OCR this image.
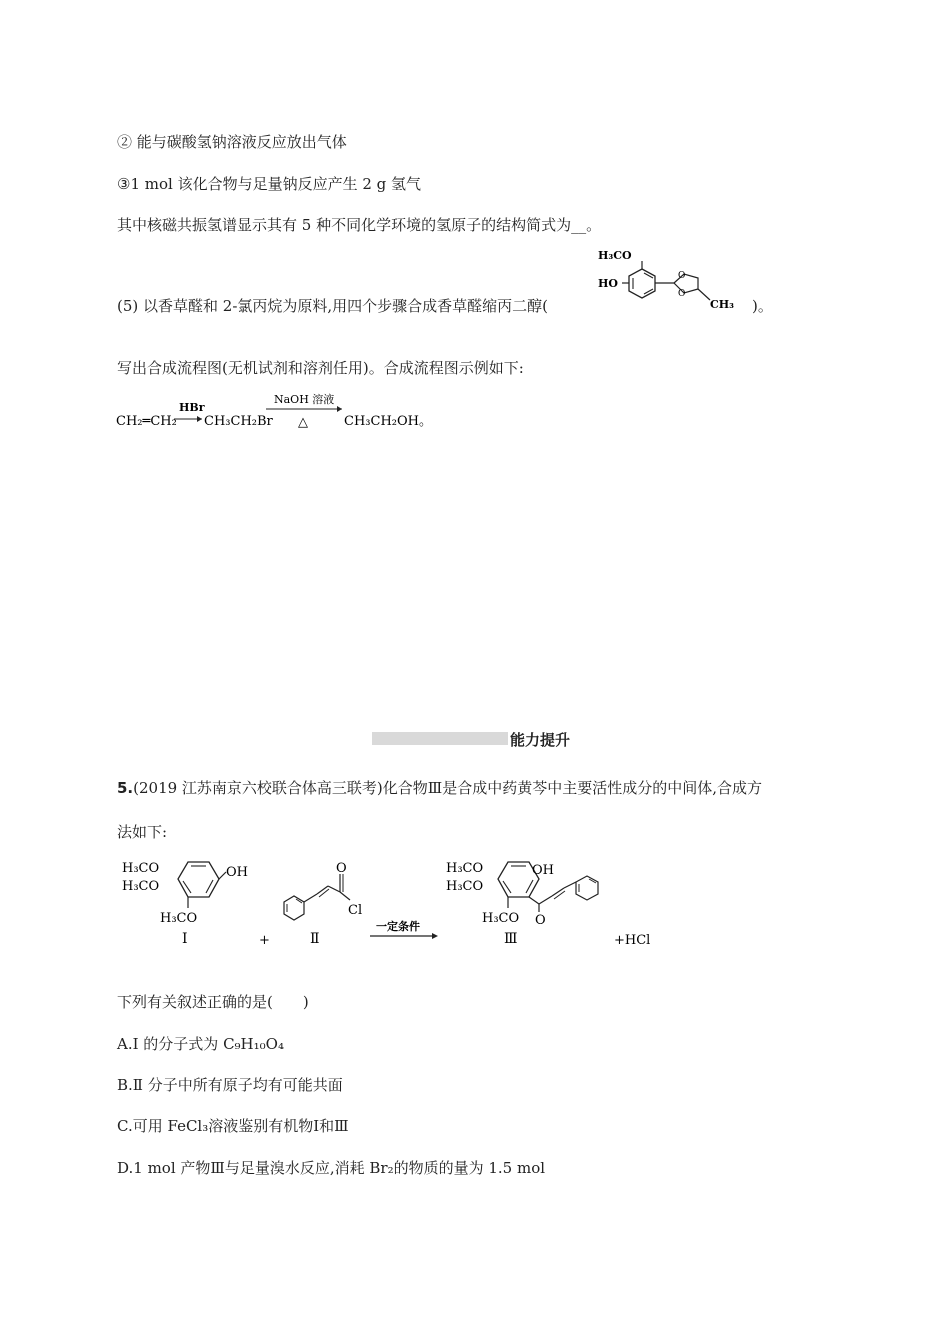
② 能与碳酸氢钠溶液反应放出气体
③1 mol 该化合物与足量钠反应产生 2 g 氢气
其中核磁共振氢谱显示其有 5 种不同化学环境的氢原子的结构简式为__。
(5) 以香草醛和 2-氯丙烷为原料,用四个步骤合成香草醛缩丙二醇(
O
O
H₃CO
HO
CH₃ )。
写出合成流程图(无机试剂和溶剂任用)。合成流程图示例如下:
CH₂═CH₂
HBr
CH₃CH₂Br
NaOH 溶液
△	CH₃CH₂OH。
能力提升
5.(2019 江苏南京六校联合体高三联考)化合物Ⅲ是合成中药黄芩中主要活性成分的中间体,合成方
法如下:
OH
H₃CO
H₃CO
H₃CO
Ⅰ	+
O
Cl
Ⅱ
一定条件
H₃CO
H₃CO
OH
H₃CO O
Ⅲ	+HCl
下列有关叙述正确的是(　　)
A.Ⅰ 的分子式为 C₉H₁₀O₄
B.Ⅱ 分子中所有原子均有可能共面
C.可用 FeCl₃溶液鉴别有机物Ⅰ和Ⅲ
D.1 mol 产物Ⅲ与足量溴水反应,消耗 Br₂的物质的量为 1.5 mol
